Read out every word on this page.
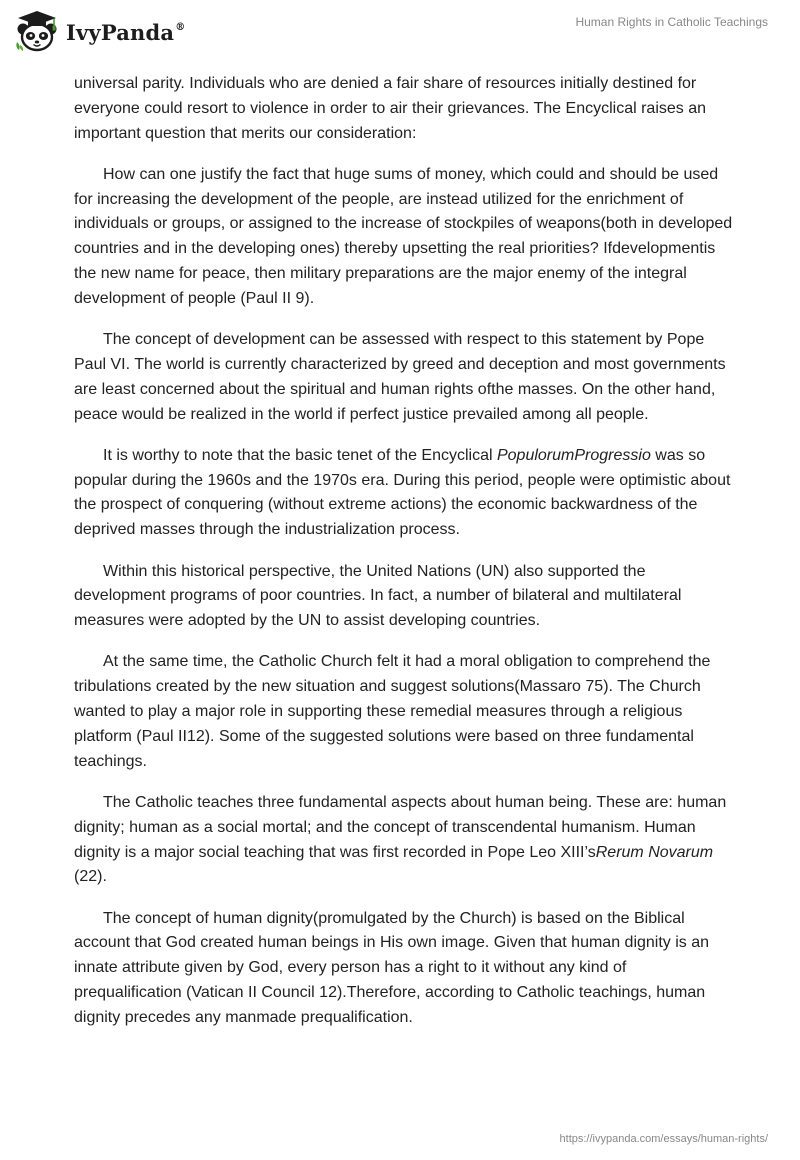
IvyPanda®	Human Rights in Catholic Teachings

universal parity. Individuals who are denied a fair share of resources initially destined for everyone could resort to violence in order to air their grievances. The Encyclical raises an important question that merits our consideration:

How can one justify the fact that huge sums of money, which could and should be used for increasing the development of the people, are instead utilized for the enrichment of individuals or groups, or assigned to the increase of stockpiles of weapons(both in developed countries and in the developing ones) thereby upsetting the real priorities? Ifdevelopmentis the new name for peace, then military preparations are the major enemy of the integral development of people (Paul II 9).

The concept of development can be assessed with respect to this statement by Pope Paul VI. The world is currently characterized by greed and deception and most governments are least concerned about the spiritual and human rights ofthe masses. On the other hand, peace would be realized in the world if perfect justice prevailed among all people.

It is worthy to note that the basic tenet of the Encyclical PopulorumProgressio was so popular during the 1960s and the 1970s era. During this period, people were optimistic about the prospect of conquering (without extreme actions) the economic backwardness of the deprived masses through the industrialization process.

Within this historical perspective, the United Nations (UN) also supported the development programs of poor countries. In fact, a number of bilateral and multilateral measures were adopted by the UN to assist developing countries.

At the same time, the Catholic Church felt it had a moral obligation to comprehend the tribulations created by the new situation and suggest solutions(Massaro 75). The Church wanted to play a major role in supporting these remedial measures through a religious platform (Paul II12). Some of the suggested solutions were based on three fundamental teachings.

The Catholic teaches three fundamental aspects about human being. These are: human dignity; human as a social mortal; and the concept of transcendental humanism. Human dignity is a major social teaching that was first recorded in Pope Leo XIII’sRerum Novarum (22).

The concept of human dignity(promulgated by the Church) is based on the Biblical account that God created human beings in His own image. Given that human dignity is an innate attribute given by God, every person has a right to it without any kind of prequalification (Vatican II Council 12).Therefore, according to Catholic teachings, human dignity precedes any manmade prequalification.

https://ivypanda.com/essays/human-rights/
